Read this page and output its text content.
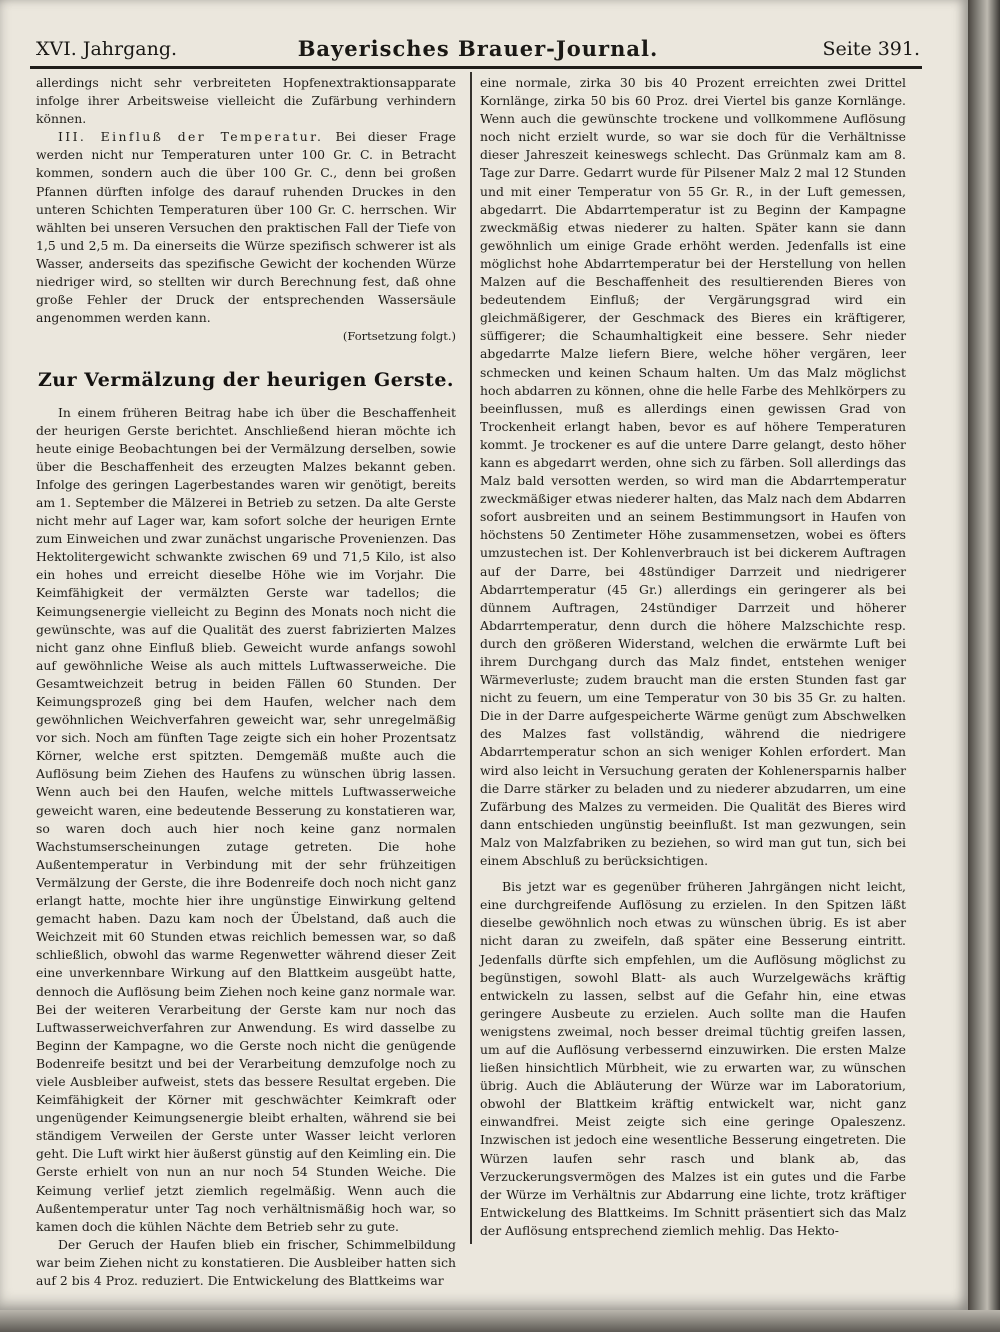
XVI. Jahrgang.	Bayerisches Brauer-Journal.	Seite 391.

allerdings nicht sehr verbreiteten Hopfenextraktionsapparate infolge ihrer Arbeitsweise vielleicht die Zufärbung verhindern können.

III. Einfluß der Temperatur. Bei dieser Frage werden nicht nur Temperaturen unter 100 Gr. C. in Betracht kommen, sondern auch die über 100 Gr. C., denn bei großen Pfannen dürften infolge des darauf ruhenden Druckes in den unteren Schichten Temperaturen über 100 Gr. C. herrschen. Wir wählten bei unseren Versuchen den praktischen Fall der Tiefe von 1,5 und 2,5 m. Da einerseits die Würze spezifisch schwerer ist als Wasser, anderseits das spezifische Gewicht der kochenden Würze niedriger wird, so stellten wir durch Berechnung fest, daß ohne große Fehler der Druck der entsprechenden Wassersäule angenommen werden kann.

(Fortsetzung folgt.)

Zur Vermälzung der heurigen Gerste.

In einem früheren Beitrag habe ich über die Beschaffenheit der heurigen Gerste berichtet. Anschließend hieran möchte ich heute einige Beobachtungen bei der Vermälzung derselben, sowie über die Beschaffenheit des erzeugten Malzes bekannt geben. Infolge des geringen Lagerbestandes waren wir genötigt, bereits am 1. September die Mälzerei in Betrieb zu setzen. Da alte Gerste nicht mehr auf Lager war, kam sofort solche der heurigen Ernte zum Einweichen und zwar zunächst ungarische Provenienzen. Das Hektolitergewicht schwankte zwischen 69 und 71,5 Kilo, ist also ein hohes und erreicht dieselbe Höhe wie im Vorjahr. Die Keimfähigkeit der vermälzten Gerste war tadellos; die Keimungsenergie vielleicht zu Beginn des Monats noch nicht die gewünschte, was auf die Qualität des zuerst fabrizierten Malzes nicht ganz ohne Einfluß blieb. Geweicht wurde anfangs sowohl auf gewöhnliche Weise als auch mittels Luftwasserweiche. Die Gesamtweichzeit betrug in beiden Fällen 60 Stunden. Der Keimungsprozeß ging bei dem Haufen, welcher nach dem gewöhnlichen Weichverfahren geweicht war, sehr unregelmäßig vor sich. Noch am fünften Tage zeigte sich ein hoher Prozentsatz Körner, welche erst spitzten. Demgemäß mußte auch die Auflösung beim Ziehen des Haufens zu wünschen übrig lassen. Wenn auch bei den Haufen, welche mittels Luftwasserweiche geweicht waren, eine bedeutende Besserung zu konstatieren war, so waren doch auch hier noch keine ganz normalen Wachstumserscheinungen zutage getreten. Die hohe Außentemperatur in Verbindung mit der sehr frühzeitigen Vermälzung der Gerste, die ihre Bodenreife doch noch nicht ganz erlangt hatte, mochte hier ihre ungünstige Einwirkung geltend gemacht haben. Dazu kam noch der Übelstand, daß auch die Weichzeit mit 60 Stunden etwas reichlich bemessen war, so daß schließlich, obwohl das warme Regenwetter während dieser Zeit eine unverkennbare Wirkung auf den Blattkeim ausgeübt hatte, dennoch die Auflösung beim Ziehen noch keine ganz normale war. Bei der weiteren Verarbeitung der Gerste kam nur noch das Luftwasserweichverfahren zur Anwendung. Es wird dasselbe zu Beginn der Kampagne, wo die Gerste noch nicht die genügende Bodenreife besitzt und bei der Verarbeitung demzufolge noch zu viele Ausbleiber aufweist, stets das bessere Resultat ergeben. Die Keimfähigkeit der Körner mit geschwächter Keimkraft oder ungenügender Keimungsenergie bleibt erhalten, während sie bei ständigem Verweilen der Gerste unter Wasser leicht verloren geht. Die Luft wirkt hier äußerst günstig auf den Keimling ein. Die Gerste erhielt von nun an nur noch 54 Stunden Weiche. Die Keimung verlief jetzt ziemlich regelmäßig. Wenn auch die Außentemperatur unter Tag noch verhältnismäßig hoch war, so kamen doch die kühlen Nächte dem Betrieb sehr zu gute.

Der Geruch der Haufen blieb ein frischer, Schimmelbildung war beim Ziehen nicht zu konstatieren. Die Ausbleiber hatten sich auf 2 bis 4 Proz. reduziert. Die Entwickelung des Blattkeims war

eine normale, zirka 30 bis 40 Prozent erreichten zwei Drittel Kornlänge, zirka 50 bis 60 Proz. drei Viertel bis ganze Kornlänge. Wenn auch die gewünschte trockene und vollkommene Auflösung noch nicht erzielt wurde, so war sie doch für die Verhältnisse dieser Jahreszeit keineswegs schlecht. Das Grünmalz kam am 8. Tage zur Darre. Gedarrt wurde für Pilsener Malz 2 mal 12 Stunden und mit einer Temperatur von 55 Gr. R., in der Luft gemessen, abgedarrt. Die Abdarrtemperatur ist zu Beginn der Kampagne zweckmäßig etwas niederer zu halten. Später kann sie dann gewöhnlich um einige Grade erhöht werden. Jedenfalls ist eine möglichst hohe Abdarrtemperatur bei der Herstellung von hellen Malzen auf die Beschaffenheit des resultierenden Bieres von bedeutendem Einfluß; der Vergärungsgrad wird ein gleichmäßigerer, der Geschmack des Bieres ein kräftigerer, süffigerer; die Schaumhaltigkeit eine bessere. Sehr nieder abgedarrte Malze liefern Biere, welche höher vergären, leer schmecken und keinen Schaum halten. Um das Malz möglichst hoch abdarren zu können, ohne die helle Farbe des Mehlkörpers zu beeinflussen, muß es allerdings einen gewissen Grad von Trockenheit erlangt haben, bevor es auf höhere Temperaturen kommt. Je trockener es auf die untere Darre gelangt, desto höher kann es abgedarrt werden, ohne sich zu färben. Soll allerdings das Malz bald versotten werden, so wird man die Abdarrtemperatur zweckmäßiger etwas niederer halten, das Malz nach dem Abdarren sofort ausbreiten und an seinem Bestimmungsort in Haufen von höchstens 50 Zentimeter Höhe zusammensetzen, wobei es öfters umzustechen ist. Der Kohlenverbrauch ist bei dickerem Auftragen auf der Darre, bei 48stündiger Darrzeit und niedrigerer Abdarrtemperatur (45 Gr.) allerdings ein geringerer als bei dünnem Auftragen, 24stündiger Darrzeit und höherer Abdarrtemperatur, denn durch die höhere Malzschichte resp. durch den größeren Widerstand, welchen die erwärmte Luft bei ihrem Durchgang durch das Malz findet, entstehen weniger Wärmeverluste; zudem braucht man die ersten Stunden fast gar nicht zu feuern, um eine Temperatur von 30 bis 35 Gr. zu halten. Die in der Darre aufgespeicherte Wärme genügt zum Abschwelken des Malzes fast vollständig, während die niedrigere Abdarrtemperatur schon an sich weniger Kohlen erfordert. Man wird also leicht in Versuchung geraten der Kohlenersparnis halber die Darre stärker zu beladen und zu niederer abzudarren, um eine Zufärbung des Malzes zu vermeiden. Die Qualität des Bieres wird dann entschieden ungünstig beeinflußt. Ist man gezwungen, sein Malz von Malzfabriken zu beziehen, so wird man gut tun, sich bei einem Abschluß zu berücksichtigen.

Bis jetzt war es gegenüber früheren Jahrgängen nicht leicht, eine durchgreifende Auflösung zu erzielen. In den Spitzen läßt dieselbe gewöhnlich noch etwas zu wünschen übrig. Es ist aber nicht daran zu zweifeln, daß später eine Besserung eintritt. Jedenfalls dürfte sich empfehlen, um die Auflösung möglichst zu begünstigen, sowohl Blatt- als auch Wurzelgewächs kräftig entwickeln zu lassen, selbst auf die Gefahr hin, eine etwas geringere Ausbeute zu erzielen. Auch sollte man die Haufen wenigstens zweimal, noch besser dreimal tüchtig greifen lassen, um auf die Auflösung verbessernd einzuwirken. Die ersten Malze ließen hinsichtlich Mürbheit, wie zu erwarten war, zu wünschen übrig. Auch die Abläuterung der Würze war im Laboratorium, obwohl der Blattkeim kräftig entwickelt war, nicht ganz einwandfrei. Meist zeigte sich eine geringe Opaleszenz. Inzwischen ist jedoch eine wesentliche Besserung eingetreten. Die Würzen laufen sehr rasch und blank ab, das Verzuckerungsvermögen des Malzes ist ein gutes und die Farbe der Würze im Verhältnis zur Abdarrung eine lichte, trotz kräftiger Entwickelung des Blattkeims. Im Schnitt präsentiert sich das Malz der Auflösung entsprechend ziemlich mehlig. Das Hekto-
